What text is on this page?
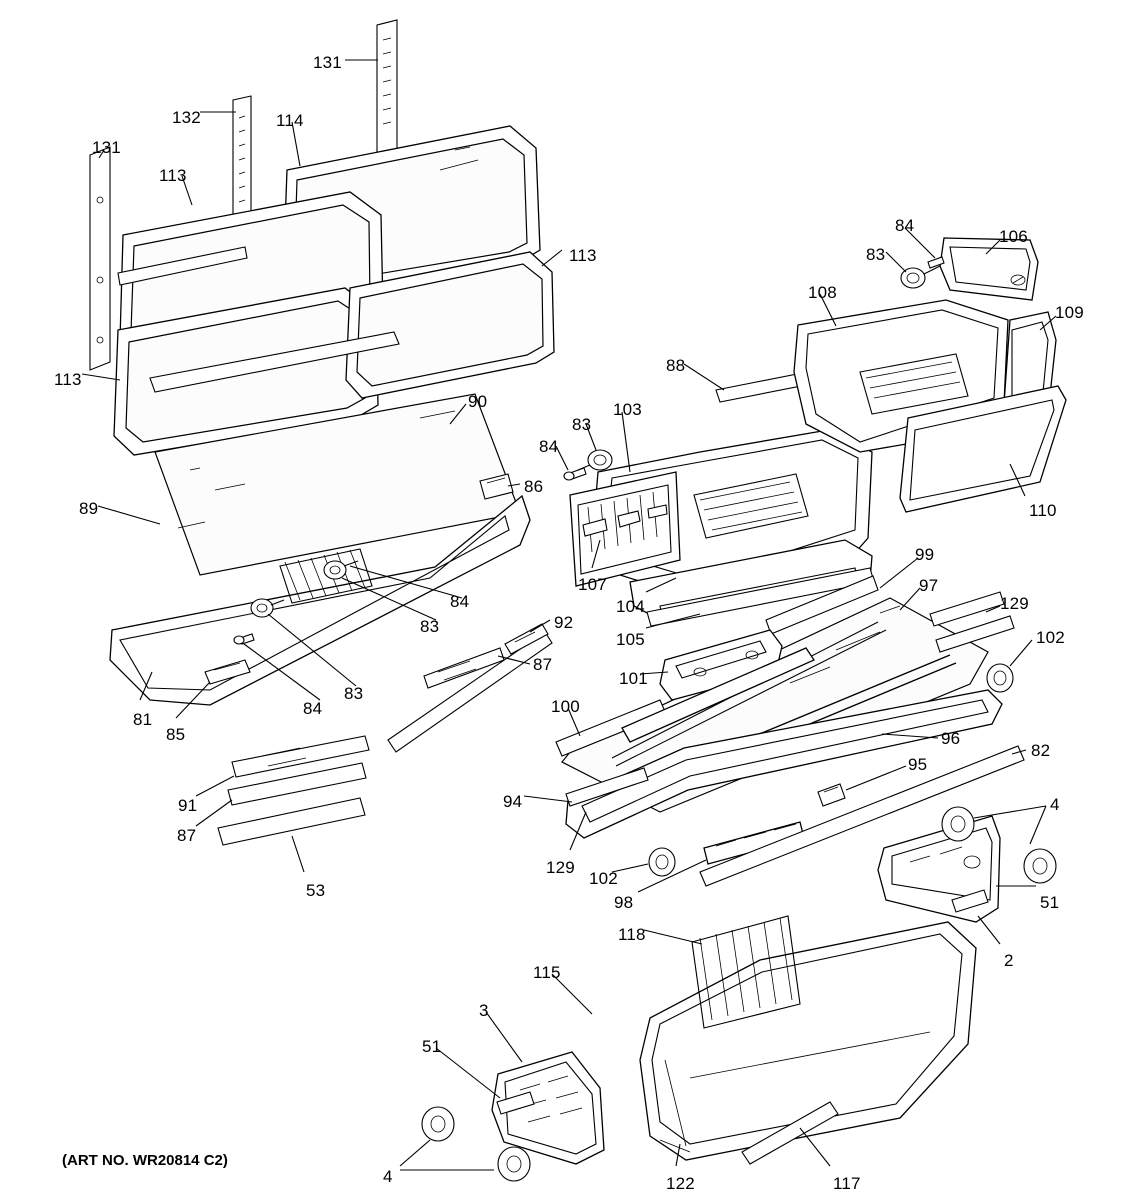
131
132	114
131
113
113
113
84
106
83
108
109
88
90	103
83
84
110
86
89
107
84
83
104
99
97
129
105
92
102
87
101
84
83
81
85
100
96
82
95
94
91
87
4
129
102
98
53
51
2
118
115
3
51
4	122	117
(ART NO. WR20814 C2)
